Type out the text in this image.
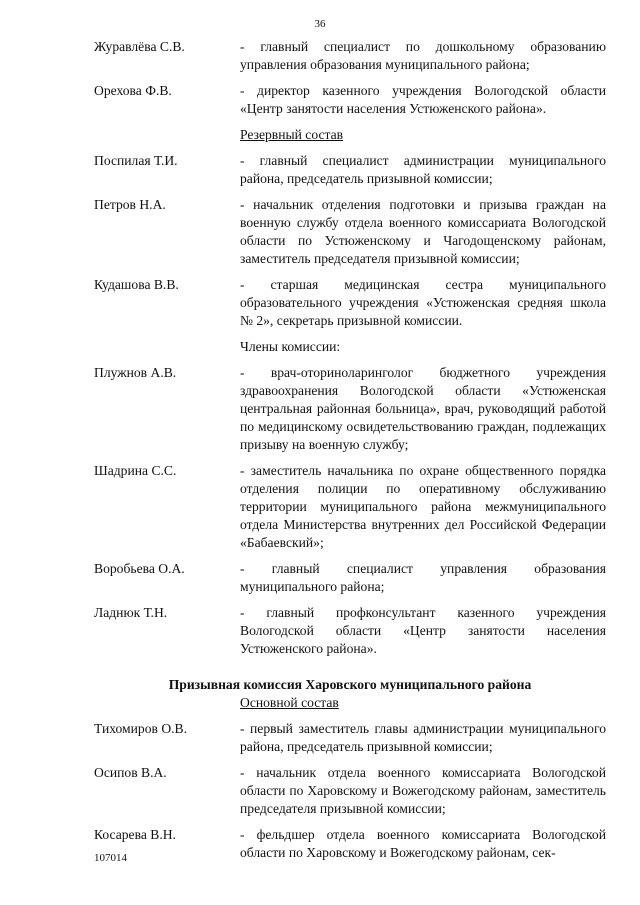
36
Журавлёва С.В.	- главный специалист по дошкольному образованию управления образования муниципального района;
Орехова Ф.В.	- директор казенного учреждения Вологодской области «Центр занятости населения Устюженского района».
Резервный состав
Поспилая Т.И.	- главный специалист администрации муниципального района, председатель призывной комиссии;
Петров Н.А.	- начальник отделения подготовки и призыва граждан на военную службу отдела военного комиссариата Вологодской области по Устюженскому и Чагодощенскому районам, заместитель председателя призывной комиссии;
Кудашова В.В.	- старшая медицинская сестра муниципального образовательного учреждения «Устюженская средняя школа № 2», секретарь призывной комиссии.
Члены комиссии:
Плужнов А.В.	- врач-оториноларинголог бюджетного учреждения здравоохранения Вологодской области «Устюженская центральная районная больница», врач, руководящий работой по медицинскому освидетельствованию граждан, подлежащих призыву на военную службу;
Шадрина С.С.	- заместитель начальника по охране общественного порядка отделения полиции по оперативному обслуживанию территории муниципального района межмуниципального отдела Министерства внутренних дел Российской Федерации «Бабаевский»;
Воробьева О.А.	- главный специалист управления образования муниципального района;
Ладнюк Т.Н.	- главный профконсультант казенного учреждения Вологодской области «Центр занятости населения Устюженского района».
Призывная комиссия Харовского муниципального района
Основной состав
Тихомиров О.В.	- первый заместитель главы администрации муниципального района, председатель призывной комиссии;
Осипов В.А.	- начальник отдела военного комиссариата Вологодской области по Харовскому и Вожегодскому районам, заместитель председателя призывной комиссии;
Косарева В.Н.	- фельдшер отдела военного комиссариата Вологодской области по Харовскому и Вожегодскому районам, сек-
107014
